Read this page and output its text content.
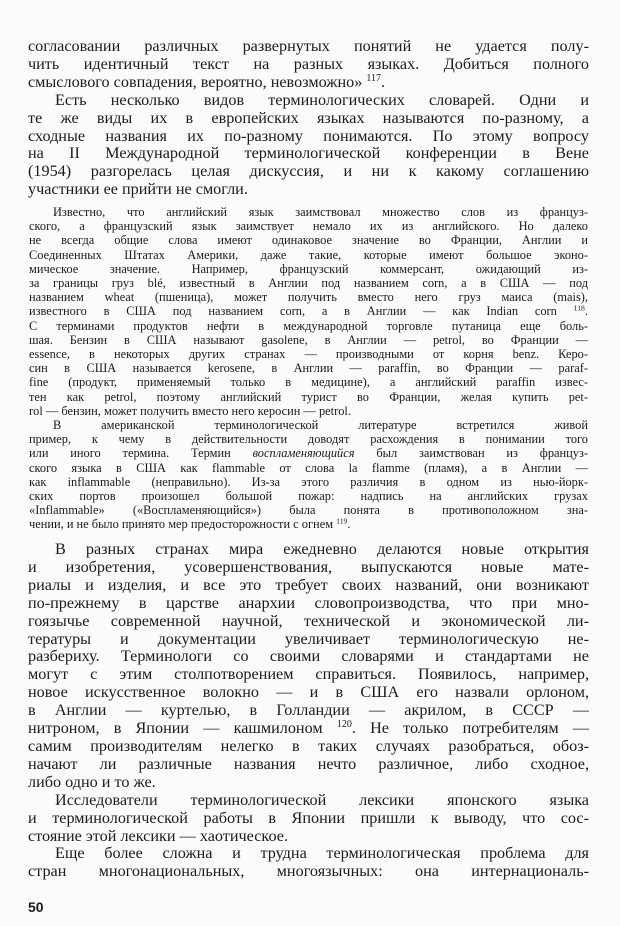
согласовании различных развернутых понятий не удается полу-
чить идентичный текст на разных языках. Добиться полного
смыслового совпадения, вероятно, невозможно» $^{117}$.
Есть несколько видов терминологических словарей. Одни и
те же виды их в европейских языках называются по-разному, а
сходные названия их по-разному понимаются. По этому вопросу
на II Международной терминологической конференции в Вене
(1954) разгорелась целая дискуссия, и ни к какому соглашению
участники ее прийти не смогли.
Известно, что английский язык заимствовал множество слов из француз-
ского, а французский язык заимствует немало их из английского. Но далеко
не всегда общие слова имеют одинаковое значение во Франции, Англии и
Соединенных Штатах Америки, даже такие, которые имеют большое эконо-
мическое значение. Например, французский коммерсант, ожидающий из-
за границы груз blé, известный в Англии под названием corn, а в США — под
названием wheat (пшеница), может получить вместо него груз маиса (mais),
известного в США под названием corn, а в Англии — как Indian corn $^{118}$.
С терминами продуктов нефти в международной торговле путаница еще боль-
шая. Бензин в США называют gasolene, в Англии — petrol, во Франции —
essence, в некоторых других странах — производными от корня benz. Керо-
син в США называется kerosene, в Англии — paraffin, во Франции — paraf-
fine (продукт, применяемый только в медицине), а английский paraffin извес-
тен как petrol, поэтому английский турист во Франции, желая купить pet-
rol — бензин, может получить вместо него керосин — petrol.
В американской терминологической литературе встретился живой
пример, к чему в действительности доводят расхождения в понимании того
или иного термина. Термин воспламеняющийся был заимствован из француз-
ского языка в США как flammable от слова la flamme (пламя), а в Англии —
как inflammable (неправильно). Из-за этого различия в одном из нью-йорк-
ских портов произошел большой пожар: надпись на английских грузах
«Inflammable» («Воспламеняющийся») была понята в противоположном зна-
чении, и не было принято мер предосторожности с огнем $^{119}$.
В разных странах мира ежедневно делаются новые открытия
и изобретения, усовершенствования, выпускаются новые мате-
риалы и изделия, и все это требует своих названий, они возникают
по-прежнему в царстве анархии словопроизводства, что при мно-
гоязычье современной научной, технической и экономической ли-
тературы и документации увеличивает терминологическую не-
разбериху. Терминологи со своими словарями и стандартами не
могут с этим столпотворением справиться. Появилось, например,
новое искусственное волокно — и в США его назвали орлоном,
в Англии — куртелью, в Голландии — акрилом, в СССР —
нитроном, в Японии — кашмилоном $^{120}$. Не только потребителям —
самим производителям нелегко в таких случаях разобраться, обоз-
начают ли различные названия нечто различное, либо сходное,
либо одно и то же.
Исследователи терминологической лексики японского языка
и терминологической работы в Японии пришли к выводу, что сос-
стояние этой лексики — хаотическое.
Еще более сложна и трудна терминологическая проблема для
стран многонациональных, многоязычных: она интернациональ-
50
